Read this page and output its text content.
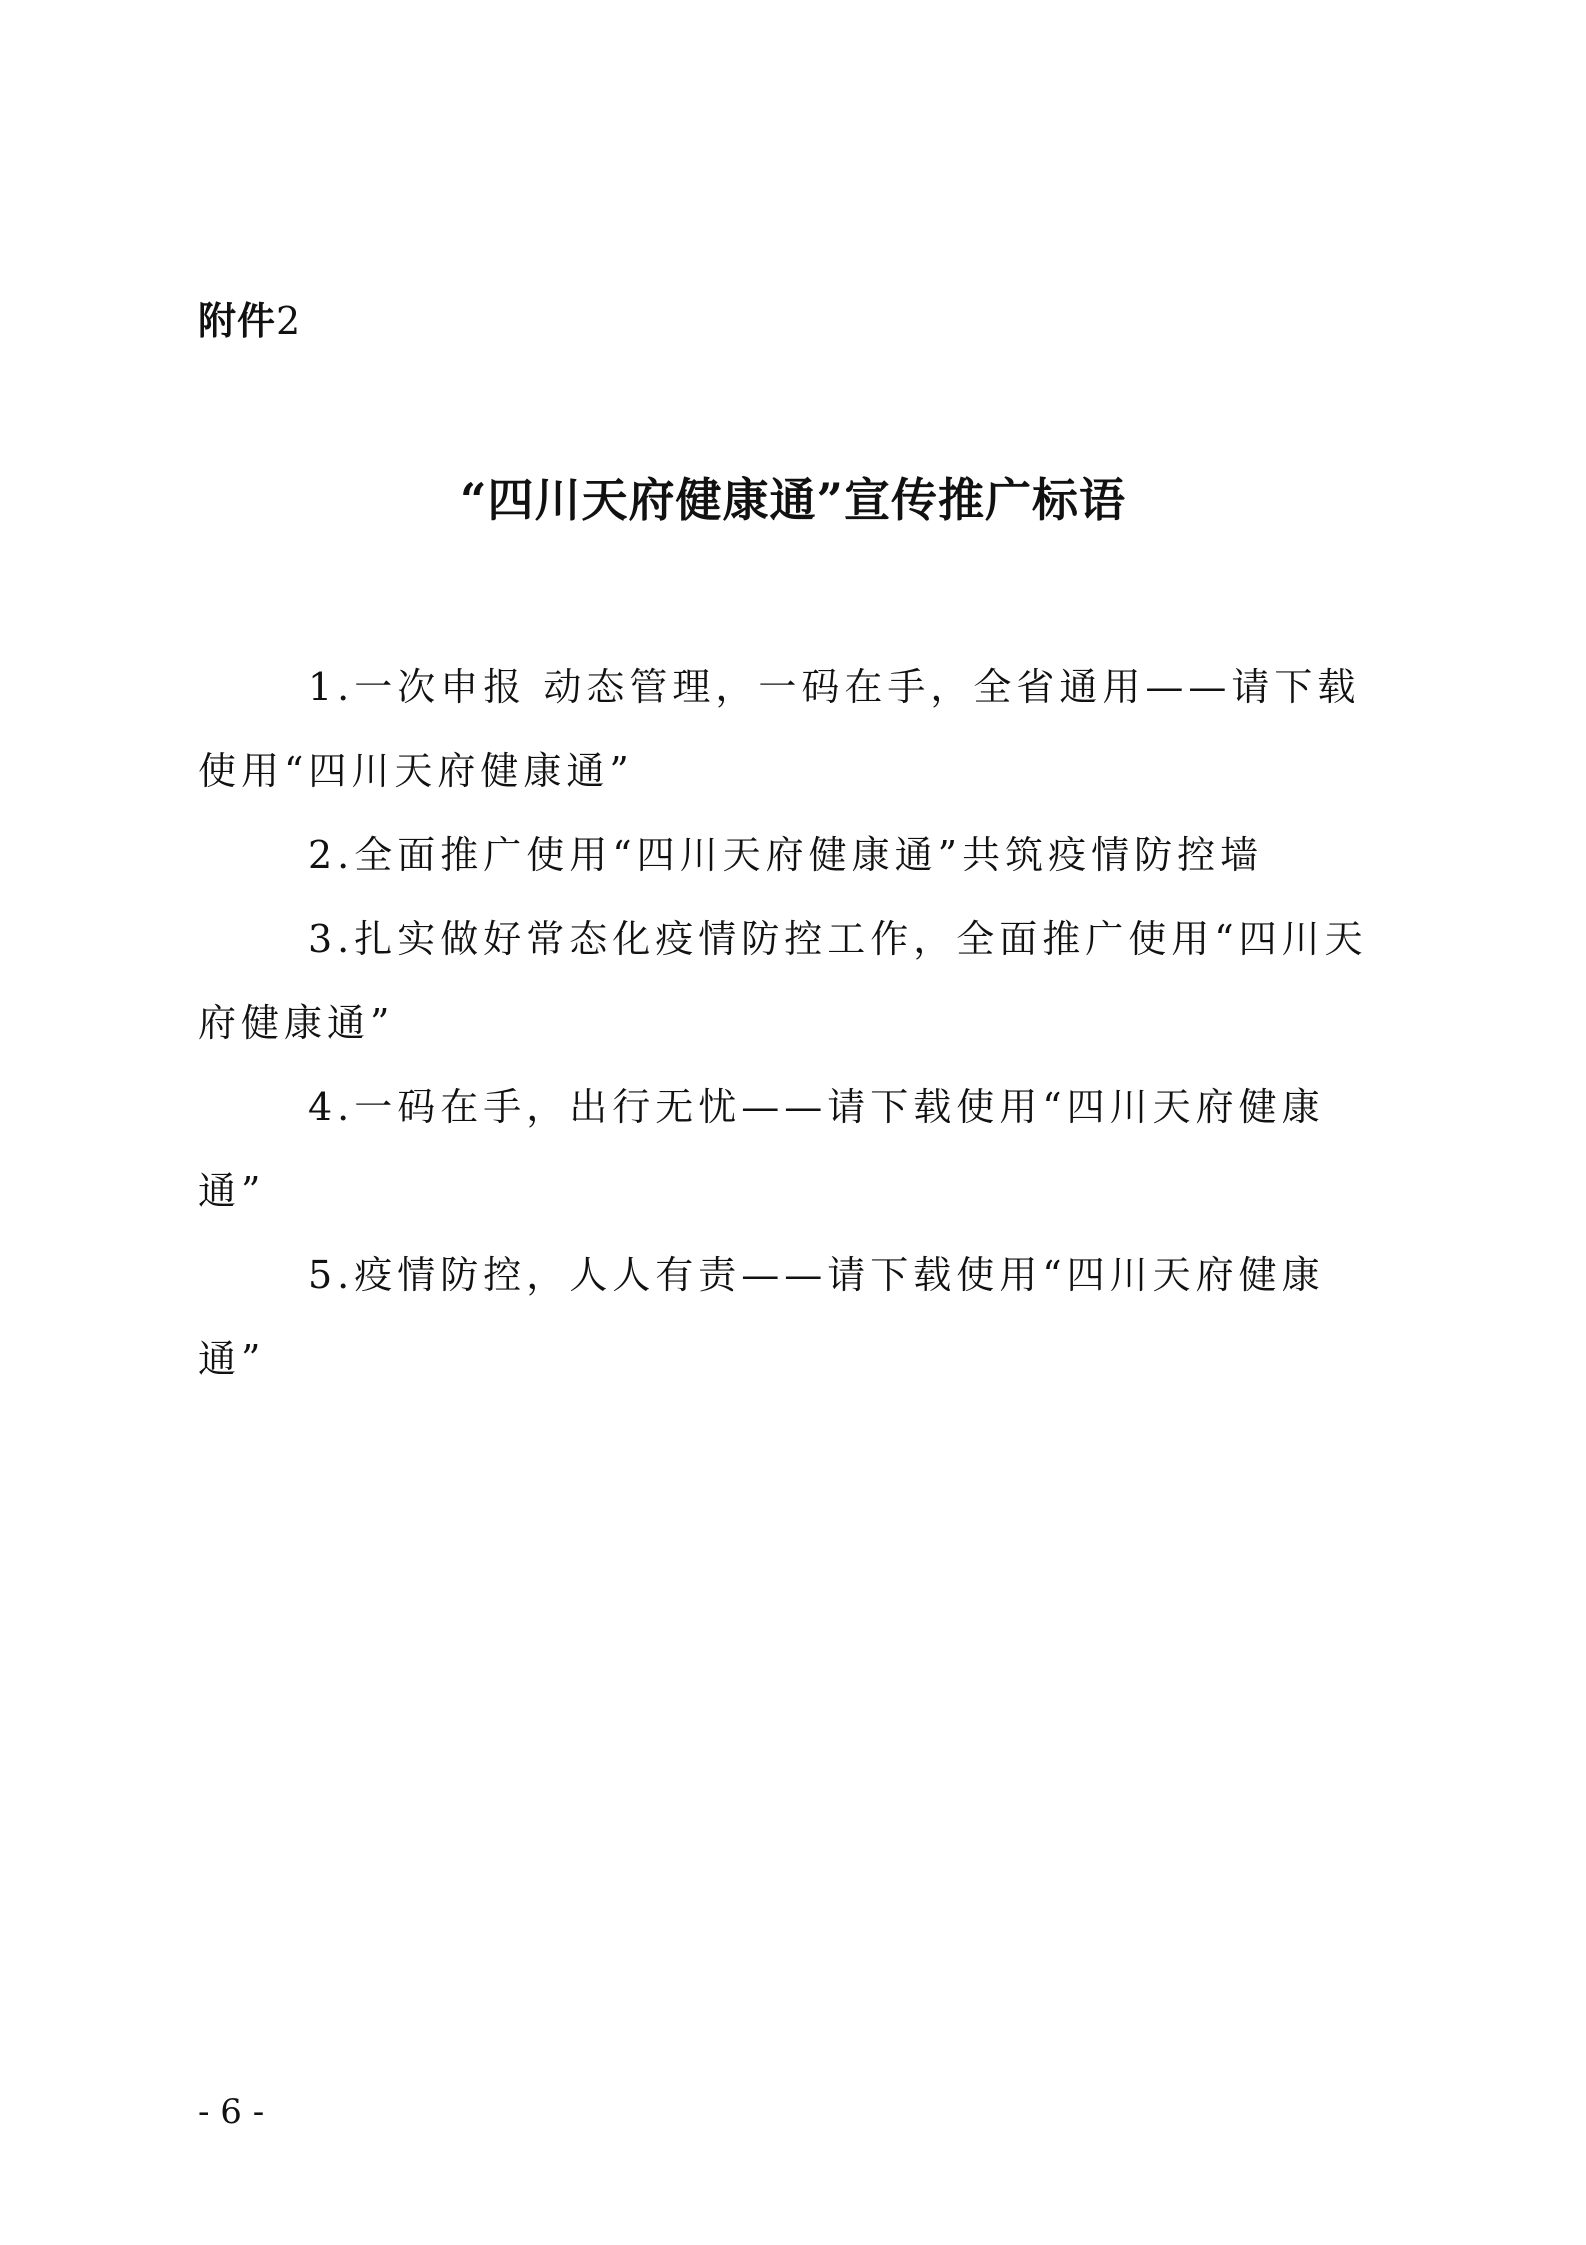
附件2
“四川天府健康通”宣传推广标语
1.一次申报 动态管理，一码在手，全省通用——请下载使用“四川天府健康通”
2.全面推广使用“四川天府健康通”共筑疫情防控墙
3.扎实做好常态化疫情防控工作，全面推广使用“四川天府健康通”
4.一码在手，出行无忧——请下载使用“四川天府健康通”
5.疫情防控，人人有责——请下载使用“四川天府健康通”
- 6 -
